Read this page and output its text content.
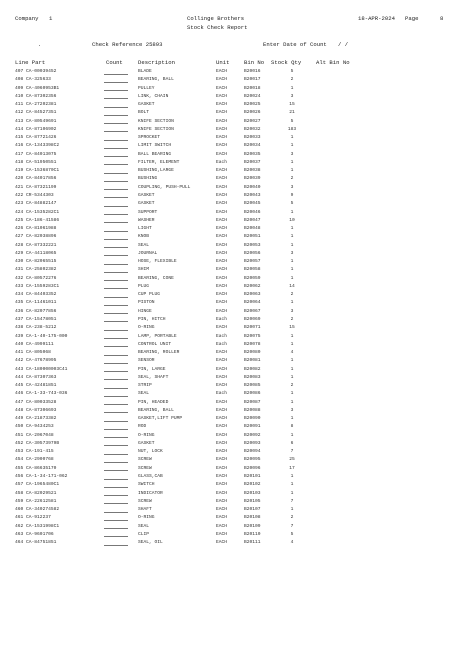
Company 1	Collinge Brothers	18-APR-2024 Page	8
Stock Check Report
.	Check Reference 25893	Enter Date of Count / /
Line Part	Count	Description	Unit	Bin No Stock Qty	Alt Bin No
407 CA-00039452	BLADE	EACH	B20016	5
408 CA-325633	BEARING, BALL	EACH	B20017	2
409 CA-4060953B1	PULLEY	EACH	B20018	1
410 CA-87302356	LINK, CHAIN	EACH	B20024	3
411 CA-27202381	GASKET	EACH	B20025	15
412 CA-84527351	BOLT	EACH	B20026	21
413 CA-80549691	KNIFE SECTION	EACH	B20027	5
414 CA-87106902	KNIFE SECTION	EACH	B20032	183
415 CA-87721426	SPROCKET	EACH	B20033	1
416 CA-1343398C2	LIMIT SWITCH	EACH	B20034	1
417 CA-84013075	BALL BEARING	EACH	B20035	3
418 CA-51950551	FILTER, ELEMENT	Each	B20037	1
419 CA-1536870C1	BUSHING,LARGE	EACH	B20038	1
420 CA-84017856	BUSHING	EACH	B20039	2
421 CA-87321199	COUPLING, PUSH-PULL	EACH	B20040	3
422 CR-5344303	GASKET	EACH	B20043	9
423 CA-84882147	GASKET	EACH	B20045	5
424 CA-1535282C1	SUPPORT	EACH	B20046	1
425 CA-186-41586	WASHER	EACH	B20047	10
426 CA-81061988	LIGHT	EACH	B20048	1
427 CA-82038896	KNOB	EACH	B20051	1
428 CA-87332221	SEAL	EACH	B20053	1
429 CA-44118065	JOURNAL	EACH	B20056	3
430 CA-82065515	HOSE, FLEXIBLE	EACH	B20057	1
431 CA-25802382	SHIM	EACH	B20058	1
432 CA-80572276	BEARING, CONE	EACH	B20059	1
433 CA-1559283C1	PLUG	EACH	B20062	14
434 CA-84403352	CUP PLUG	EACH	B20063	2
435 CA-11461011	PISTON	EACH	B20064	1
436 CA-82077856	HINGE	EACH	B20067	3
437 CA-15478051	PIN, HITCH	Each	B20069	2
438 CA-238-5212	O-RING	EACH	B20071	15
439 CA-1-40-175-000	LAMP, PORTABLE	Each	B20075	1
440 CA-4999111	CONTROL UNIT	Each	B20078	1
441 CA-805068	BEARING, ROLLER	EACH	B20080	4
442 CA-47678995	SENSOR	EACH	B20081	1
443 CA-180000003C41	PIN, LARGE	EACH	B20082	1
444 CA-87307363	SEAL, SHAFT	EACH	B20083	1
445 CA-42481851	STRIP	EACH	B20085	2
446 CA-1-33-743-036	SEAL	Each	B20086	1
447 CA-80033528	PIN, HEADED	EACH	B20087	1
448 CA-87306693	BEARING, BALL	EACH	B20088	3
449 CA-21873382	GASKET,LIFT PUMP	EACH	B20090	1
450 CA-9434253	ROD	EACH	B20091	8
451 CA-2067048	O-RING	EACH	B20092	1
452 CA-30573979B	GASKET	EACH	B20093	6
453 CA-191-415	NUT, LOCK	EACH	B20094	7
454 CA-2900768	SCREW	EACH	B20095	25
455 CA-86635170	SCREW	EACH	B20096	17
456 CA-1-34-171-062	GLASS,CAB	EACH	B20101	1
457 CA-1965480C1	SWITCH	EACH	B20102	1
458 CA-82029521	INDICATOR	EACH	B20103	1
459 CA-22612581	SCREW	EACH	B20105	7
460 CA-340274582	SHAFT	EACH	B20107	1
461 CA-912237	O-RING	EACH	B20108	2
462 CA-1531998C1	SEAL	EACH	B20109	7
463 CA-9601706	CLIP	EACH	B20110	5
464 CA-84751851	SEAL, OIL	EACH	B20111	4
